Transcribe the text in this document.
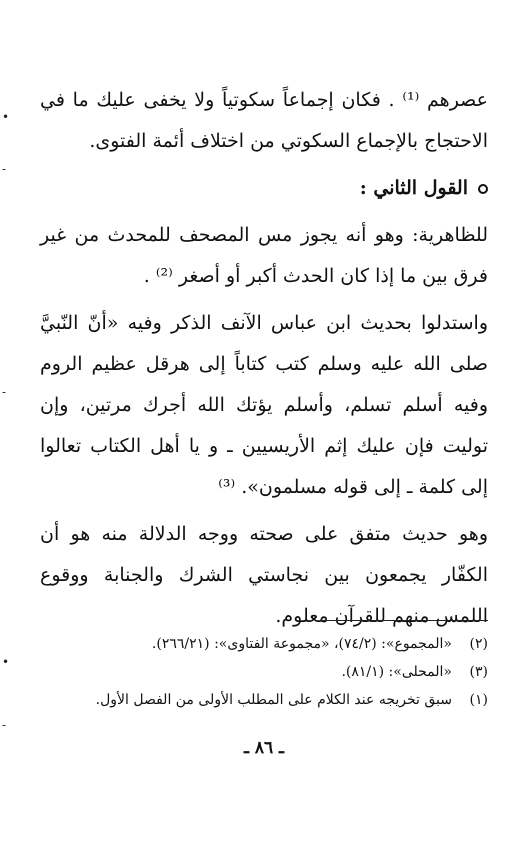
عصرهم ⁽¹⁾ . فكان إجماعاً سكوتياً ولا يخفى عليك ما في الاحتجاج بالإجماع السكوتي من اختلاف أئمة الفتوى.

القول الثاني :

للظاهرية: وهو أنه يجوز مس المصحف للمحدث من غير فرق بين ما إذا كان الحدث أكبر أو أصغر ⁽²⁾ .

واستدلوا بحديث ابن عباس الآنف الذكر وفيه «أنّ النّبيَّ صلى الله عليه وسلم كتب كتاباً إلى هرقل عظيم الروم وفيه أسلم تسلم، وأسلم يؤتك الله أجرك مرتين، وإن توليت فإن عليك إثم الأريسيين ـ و يا أهل الكتاب تعالوا إلى كلمة ـ إلى قوله مسلمون». ⁽³⁾

وهو حديث متفق على صحته ووجه الدلالة منه هو أن الكفّار يجمعون بين نجاستي الشرك والجنابة ووقوع اللمس منهم للقرآن معلوم.

(٢)
«المجموع»: (٧٤/٢)، «مجموعة الفتاوى»: (٢٦٦/٢١).
(٣)
«المحلى»: (٨١/١).
(١)
سبق تخريجه عند الكلام على المطلب الأولى من الفصل الأول.
ـ ٨٦ ـ
•
-
-
•
-
